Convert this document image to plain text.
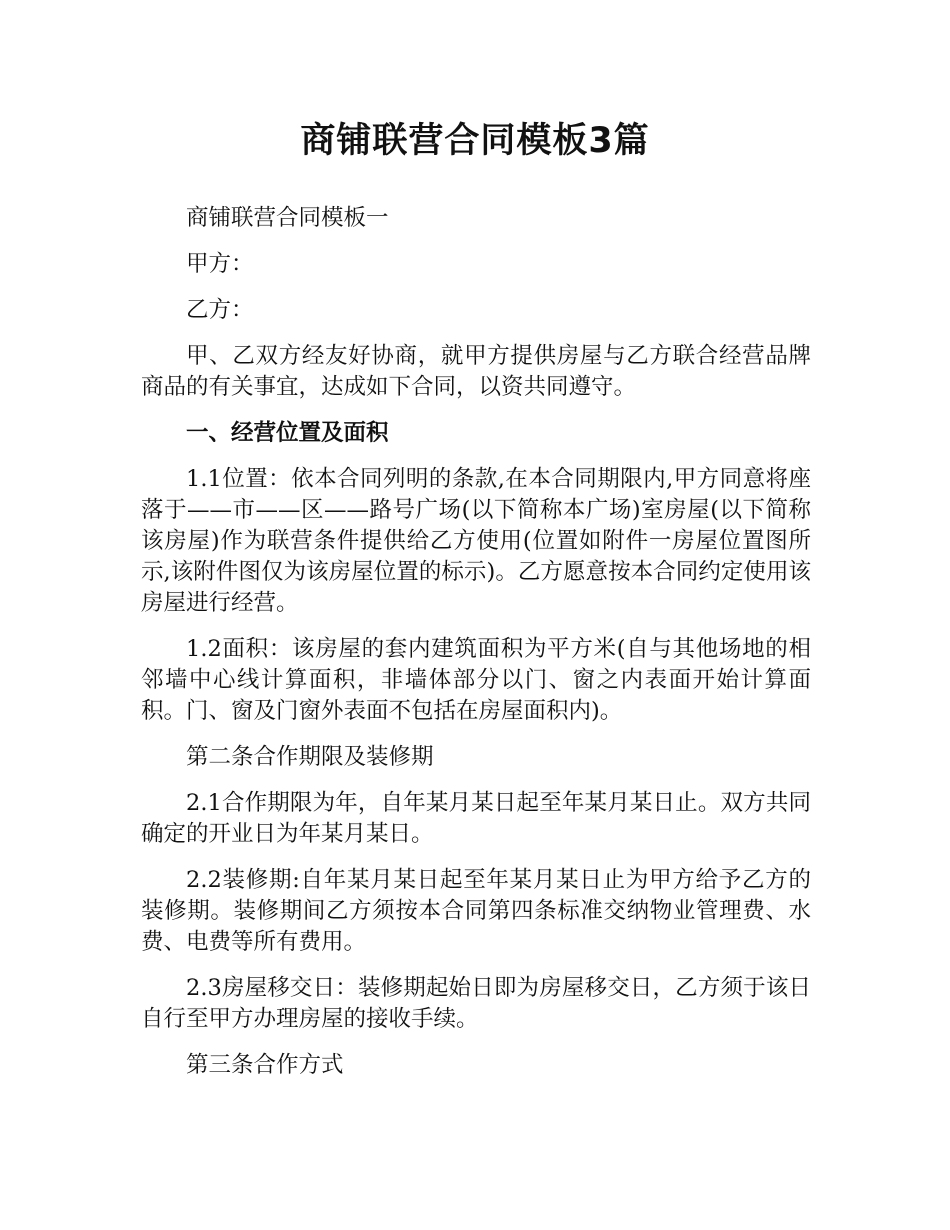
商铺联营合同模板3篇

商铺联营合同模板一

甲方：

乙方：

甲、乙双方经友好协商，就甲方提供房屋与乙方联合经营品牌商品的有关事宜，达成如下合同，以资共同遵守。

一、经营位置及面积

1.1位置：依本合同列明的条款,在本合同期限内,甲方同意将座落于——市——区——路号广场(以下简称本广场)室房屋(以下简称该房屋)作为联营条件提供给乙方使用(位置如附件一房屋位置图所示,该附件图仅为该房屋位置的标示)。乙方愿意按本合同约定使用该房屋进行经营。

1.2面积：该房屋的套内建筑面积为平方米(自与其他场地的相邻墙中心线计算面积，非墙体部分以门、窗之内表面开始计算面积。门、窗及门窗外表面不包括在房屋面积内)。

第二条合作期限及装修期

2.1合作期限为年，自年某月某日起至年某月某日止。双方共同确定的开业日为年某月某日。

2.2装修期:自年某月某日起至年某月某日止为甲方给予乙方的装修期。装修期间乙方须按本合同第四条标准交纳物业管理费、水费、电费等所有费用。

2.3房屋移交日：装修期起始日即为房屋移交日，乙方须于该日自行至甲方办理房屋的接收手续。

第三条合作方式
